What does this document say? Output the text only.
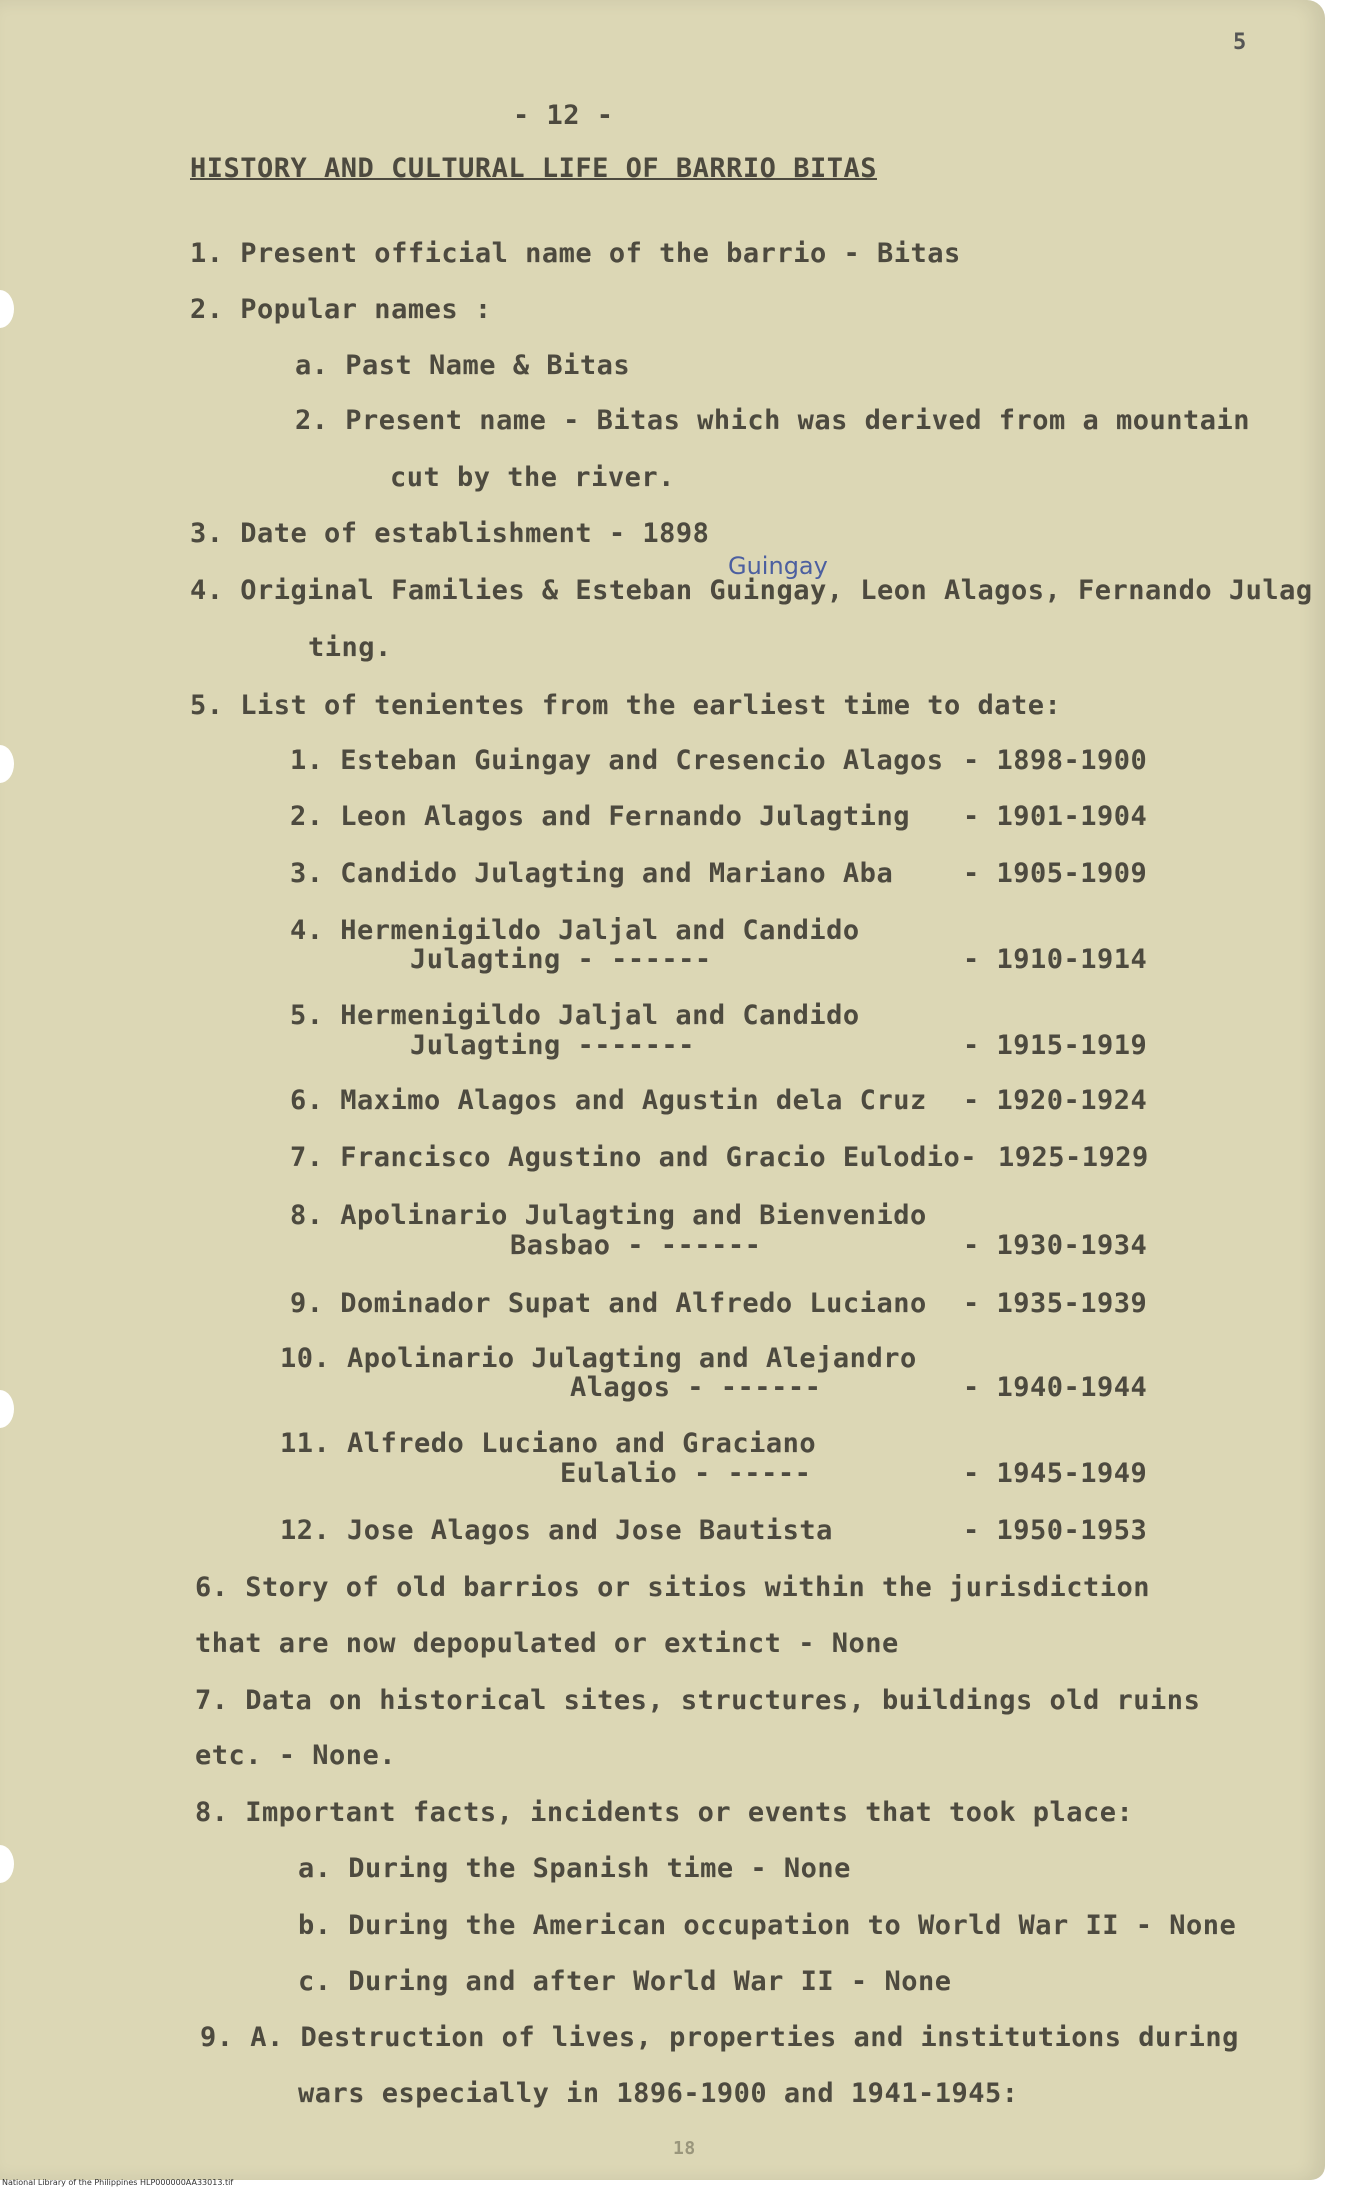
5
- 12 -
HISTORY AND CULTURAL LIFE OF BARRIO BITAS
1. Present official name of the barrio - Bitas
2. Popular names :
a. Past Name & Bitas
2. Present name - Bitas which was derived from a mountain
cut by the river.
3. Date of establishment - 1898
Guingay
4. Original Families & Esteban Guingay, Leon Alagos, Fernando Julag
ting.
5. List of tenientes from the earliest time to date:
1. Esteban Guingay and Cresencio Alagos - 1898-1900
2. Leon Alagos and Fernando Julagting - 1901-1904
3. Candido Julagting and Mariano Aba	- 1905-1909
4. Hermenigildo Jaljal and Candido
Julagting - ------	- 1910-1914
5. Hermenigildo Jaljal and Candido
Julagting -------	- 1915-1919
6. Maximo Alagos and Agustin dela Cruz - 1920-1924
7. Francisco Agustino and Gracio Eulodio- 1925-1929
8. Apolinario Julagting and Bienvenido
Basbao - ------	- 1930-1934
9. Dominador Supat and Alfredo Luciano - 1935-1939
10. Apolinario Julagting and Alejandro
Alagos - ------	- 1940-1944
11. Alfredo Luciano and Graciano
Eulalio - -----	- 1945-1949
12. Jose Alagos and Jose Bautista	- 1950-1953
6. Story of old barrios or sitios within the jurisdiction
that are now depopulated or extinct - None
7. Data on historical sites, structures, buildings old ruins
etc. - None.
8. Important facts, incidents or events that took place:
a. During the Spanish time - None
b. During the American occupation to World War II - None
c. During and after World War II - None
9. A. Destruction of lives, properties and institutions during
wars especially in 1896-1900 and 1941-1945:
18
National Library of the Philippines HLP000000AA33013.tif
